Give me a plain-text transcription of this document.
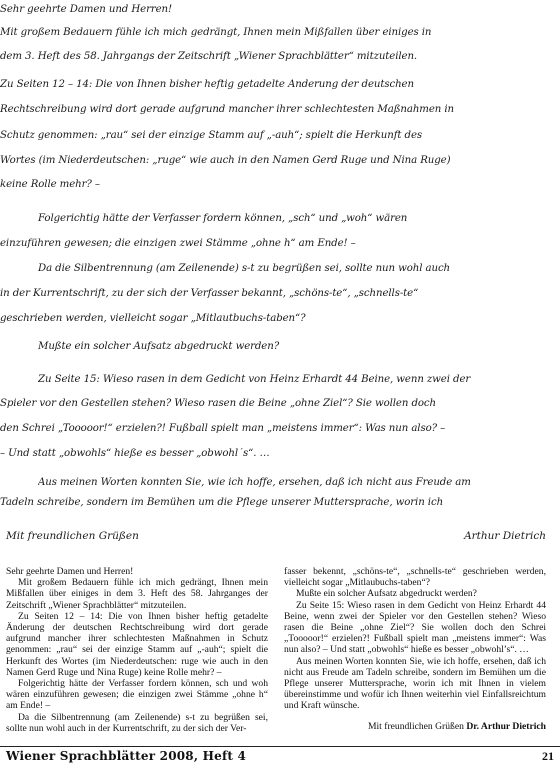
Sehr geehrte Damen und Herren!
Mit großem Bedauern fühle ich mich gedrängt, Ihnen mein Mißfallen über einiges in
dem 3. Heft des 58. Jahrgangs der Zeitschrift „Wiener Sprachblätter“ mitzuteilen.
Zu Seiten 12 – 14: Die von Ihnen bisher heftig getadelte Änderung der deutschen
Rechtschreibung wird dort gerade aufgrund mancher ihrer schlechtesten Maßnahmen in
Schutz genommen: „rau“ sei der einzige Stamm auf „-auh“; spielt die Herkunft des
Wortes (im Niederdeutschen: „ruge“ wie auch in den Namen Gerd Ruge und Nina Ruge)
keine Rolle mehr? –
Folgerichtig hätte der Verfasser fordern können, „sch“ und „woh“ wären
einzuführen gewesen; die einzigen zwei Stämme „ohne h“ am Ende! –
Da die Silbentrennung (am Zeilenende) s-t zu begrüßen sei, sollte nun wohl auch
in der Kurrentschrift, zu der sich der Verfasser bekannt, „schöns-te“, „schnells-te“
geschrieben werden, vielleicht sogar „Mitlautbuchs-taben“?
Mußte ein solcher Aufsatz abgedruckt werden?
Zu Seite 15: Wieso rasen in dem Gedicht von Heinz Erhardt 44 Beine, wenn zwei der
Spieler vor den Gestellen stehen? Wieso rasen die Beine „ohne Ziel“? Sie wollen doch
den Schrei „Tooooor!“ erzielen?! Fußball spielt man „meistens immer“: Was nun also? –
– Und statt „obwohls“ hieße es besser „obwohl´s“. …
Aus meinen Worten konnten Sie, wie ich hoffe, ersehen, daß ich nicht aus Freude am
Tadeln schreibe, sondern im Bemühen um die Pflege unserer Muttersprache, worin ich
Mit freundlichen Grüßen	Arthur Dietrich

Sehr geehrte Damen und Herren!

Mit großem Bedauern fühle ich mich gedrängt, Ihnen mein Mißfallen über einiges in dem 3. Heft des 58. Jahrganges der Zeitschrift „Wiener Sprachblätter“ mitzuteilen.

Zu Seiten 12 – 14: Die von Ihnen bisher heftig getadelte Änderung der deutschen Rechtschreibung wird dort gerade aufgrund mancher ihrer schlechtesten Maßnahmen in Schutz genommen: „rau“ sei der einzige Stamm auf „-auh“; spielt die Herkunft des Wortes (im Niederdeutschen: ruge wie auch in den Namen Gerd Ruge und Nina Ruge) keine Rolle mehr? –

Folgerichtig hätte der Verfasser fordern können, sch und woh wären einzuführen gewesen; die einzigen zwei Stämme „ohne h“ am Ende! –

Da die Silbentrennung (am Zeilenende) s-t zu begrüßen sei, sollte nun wohl auch in der Kurrentschrift, zu der sich der Ver-

fasser bekennt, „schöns-te“, „schnells-te“ geschrieben werden, vielleicht sogar „Mitlaubuchs-taben“?

Mußte ein solcher Aufsatz abgedruckt werden?

Zu Seite 15: Wieso rasen in dem Gedicht von Heinz Erhardt 44 Beine, wenn zwei der Spieler vor den Gestellen stehen? Wieso rasen die Beine „ohne Ziel“? Sie wollen doch den Schrei „Tooooor!“ erzielen?! Fußball spielt man „meistens immer“: Was nun also? – Und statt „obwohls“ hieße es besser „obwohl’s“. …

Aus meinen Worten konnten Sie, wie ich hoffe, ersehen, daß ich nicht aus Freude am Tadeln schreibe, sondern im Bemühen um die Pflege unserer Muttersprache, worin ich mit Ihnen in vielem übereinstimme und wofür ich Ihnen weiterhin viel Einfallsreichtum und Kraft wünsche.

Mit freundlichen Grüßen Dr. Arthur Dietrich

Wiener Sprachblätter 2008, Heft 4	21
